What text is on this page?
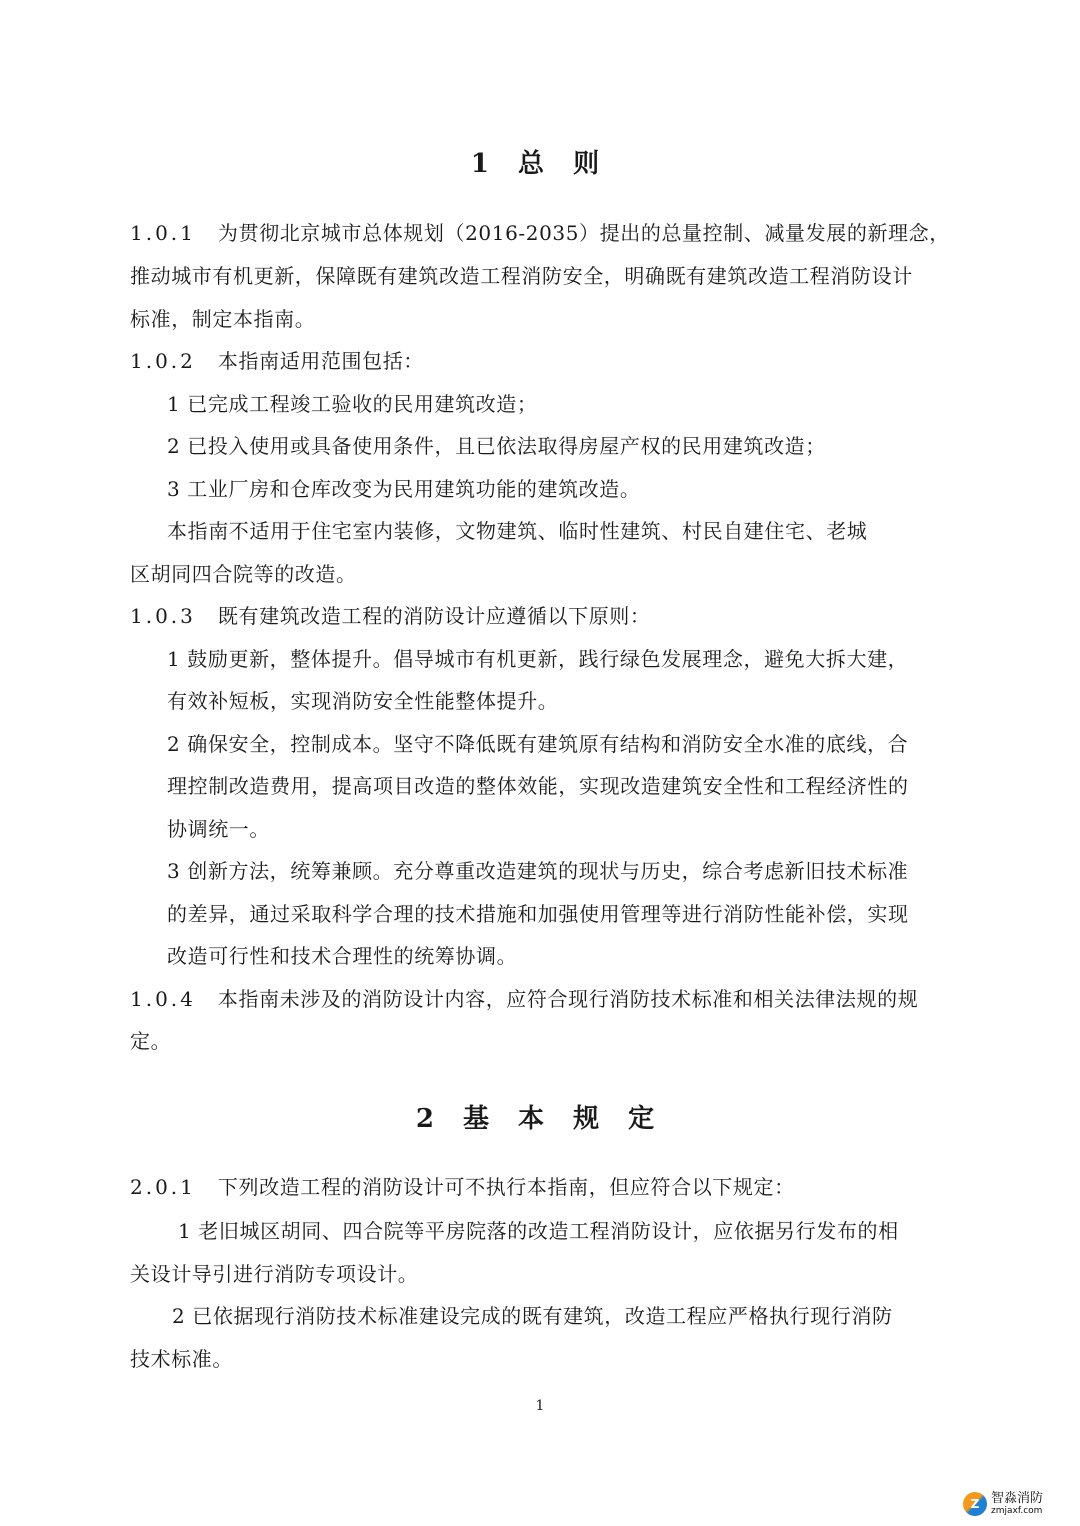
1 总 则
1.0.1 为贯彻北京城市总体规划（2016-2035）提出的总量控制、减量发展的新理念，
推动城市有机更新，保障既有建筑改造工程消防安全，明确既有建筑改造工程消防设计
标准，制定本指南。
1.0.2 本指南适用范围包括：
1 已完成工程竣工验收的民用建筑改造；
2 已投入使用或具备使用条件，且已依法取得房屋产权的民用建筑改造；
3 工业厂房和仓库改变为民用建筑功能的建筑改造。
本指南不适用于住宅室内装修，文物建筑、临时性建筑、村民自建住宅、老城
区胡同四合院等的改造。
1.0.3 既有建筑改造工程的消防设计应遵循以下原则：
1 鼓励更新，整体提升。倡导城市有机更新，践行绿色发展理念，避免大拆大建，
有效补短板，实现消防安全性能整体提升。
2 确保安全，控制成本。坚守不降低既有建筑原有结构和消防安全水准的底线，合
理控制改造费用，提高项目改造的整体效能，实现改造建筑安全性和工程经济性的
协调统一。
3 创新方法，统筹兼顾。充分尊重改造建筑的现状与历史，综合考虑新旧技术标准
的差异，通过采取科学合理的技术措施和加强使用管理等进行消防性能补偿，实现
改造可行性和技术合理性的统筹协调。
1.0.4 本指南未涉及的消防设计内容，应符合现行消防技术标准和相关法律法规的规
定。
2 基 本 规 定
2.0.1 下列改造工程的消防设计可不执行本指南，但应符合以下规定：
1 老旧城区胡同、四合院等平房院落的改造工程消防设计，应依据另行发布的相
关设计导引进行消防专项设计。
2 已依据现行消防技术标准建设完成的既有建筑，改造工程应严格执行现行消防
技术标准。
1
Z 智淼消防
zmjaxf.com
